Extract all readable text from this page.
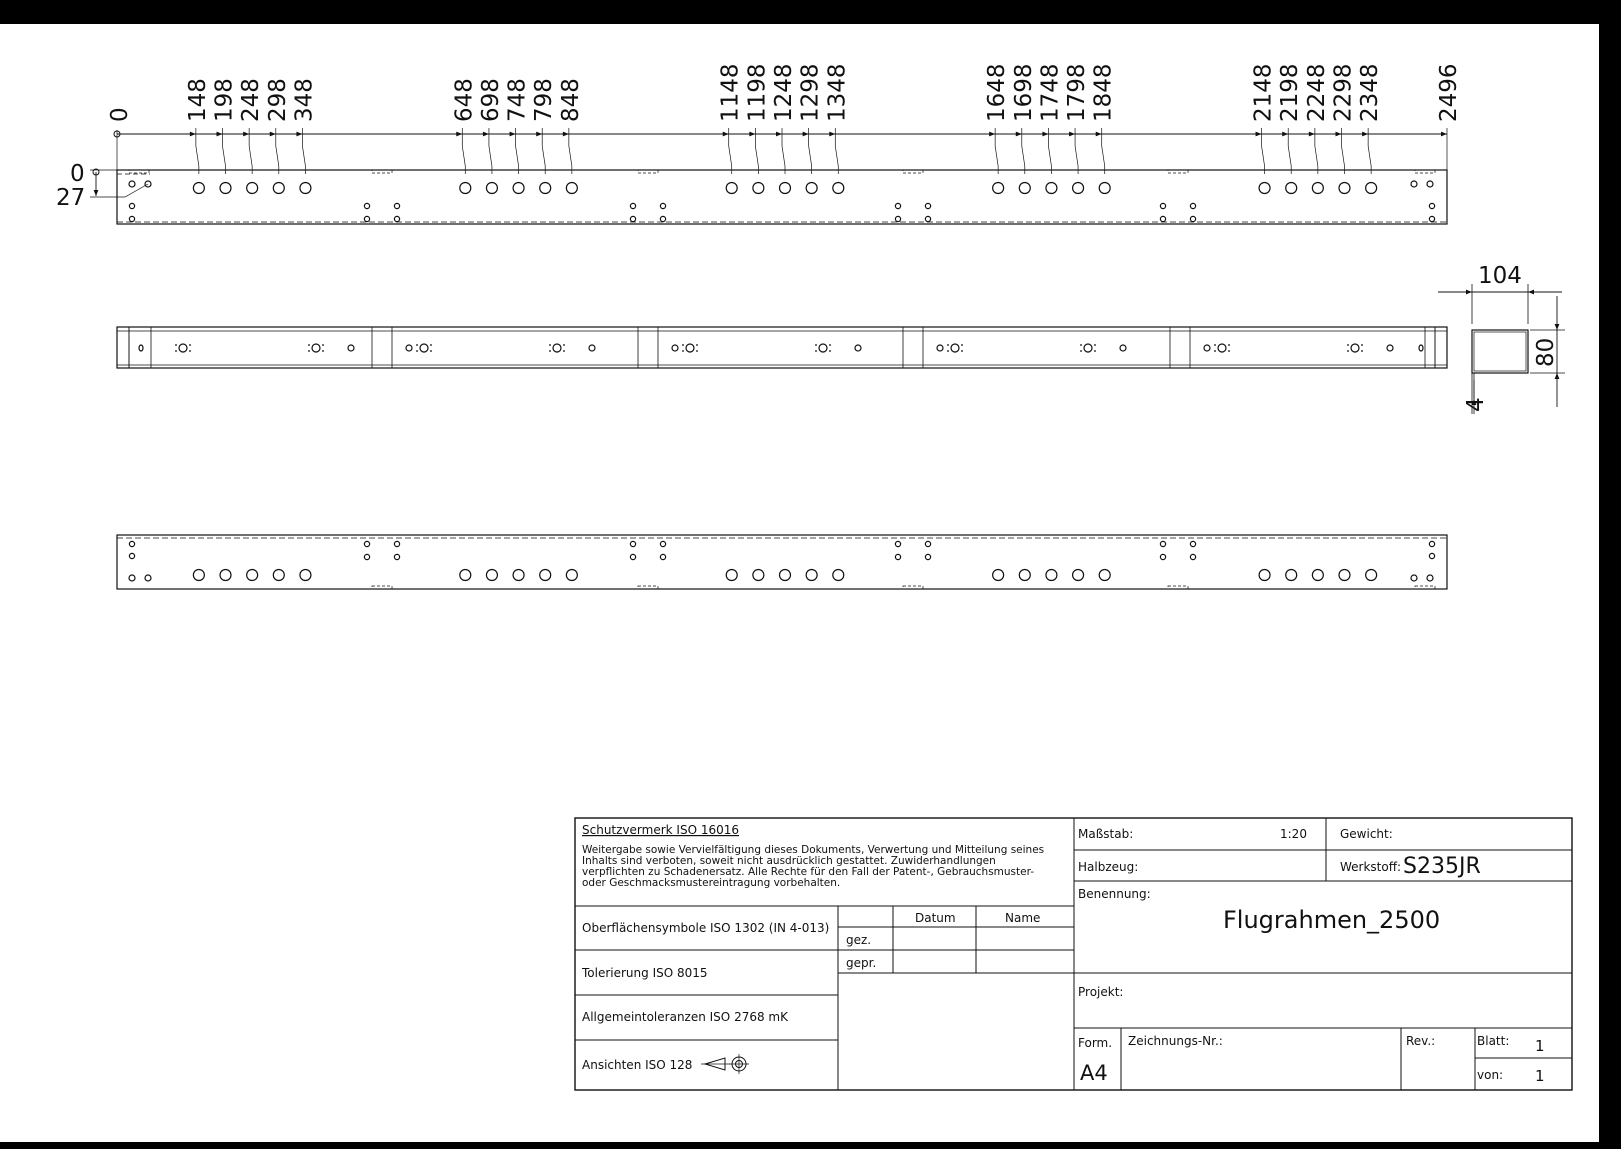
148 198 248 298 348	648 698 748 798 848	1148 1198 1248 1298 1348	1648 1698 1748 1798 1848	2148 2198 2248 2298 2348 2496
0
0
27
104
80
4
Schutzvermerk ISO 16016
Weitergabe sowie Vervielfältigung dieses Dokuments, Verwertung und Mitteilung seines
Inhalts sind verboten, soweit nicht ausdrücklich gestattet. Zuwiderhandlungen
verpflichten zu Schadenersatz. Alle Rechte für den Fall der Patent-, Gebrauchsmuster-
oder Geschmacksmustereintragung vorbehalten.
Oberflächensymbole ISO 1302 (IN 4-013)
Tolerierung ISO 8015
Allgemeintoleranzen ISO 2768 mK
Ansichten ISO 128
Datum	Name
gez.
gepr.
Maßstab:	1:20	Gewicht:
Halbzeug:	Werkstoff: S235JR
Benennung:
Flugrahmen_2500
Projekt:
Form.
A4
Zeichnungs-Nr.:	Rev.:	Blatt: 1
von: 1
